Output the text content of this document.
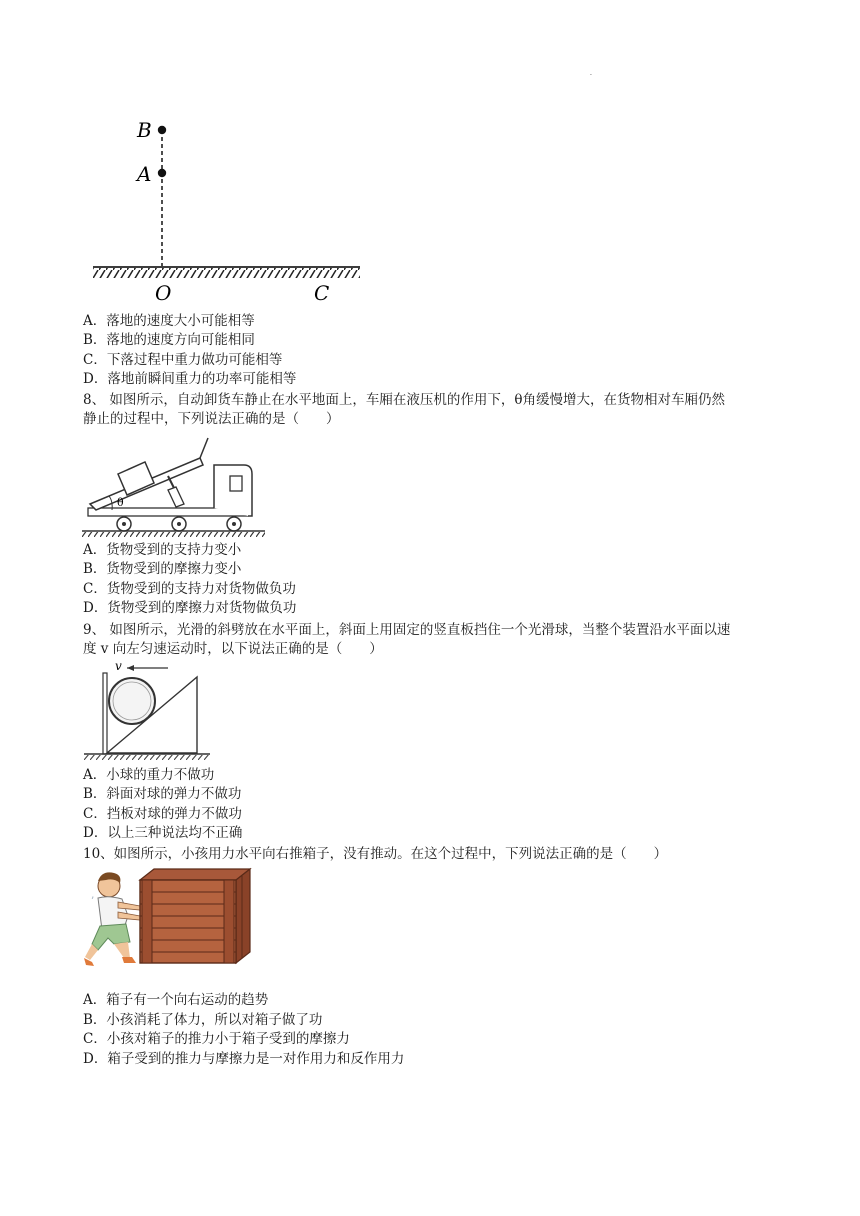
.
B
A
O	C
A．落地的速度大小可能相等
B．落地的速度方向可能相同
C．下落过程中重力做功可能相等
D．落地前瞬间重力的功率可能相等
8、 如图所示，自动卸货车静止在水平地面上，车厢在液压机的作用下，θ角缓慢增大，在货物相对车厢仍然
静止的过程中，下列说法正确的是（　　）
θ
A．货物受到的支持力变小
B．货物受到的摩擦力变小
C．货物受到的支持力对货物做负功
D．货物受到的摩擦力对货物做负功
9、 如图所示，光滑的斜劈放在水平面上，斜面上用固定的竖直板挡住一个光滑球，当整个装置沿水平面以速
度 v 向左匀速运动时，以下说法正确的是（　　）
v
A．小球的重力不做功
B．斜面对球的弹力不做功
C．挡板对球的弹力不做功
D．以上三种说法均不正确
10、如图所示，小孩用力水平向右推箱子，没有推动。在这个过程中，下列说法正确的是（　　）
’
A．箱子有一个向右运动的趋势
B．小孩消耗了体力，所以对箱子做了功
C．小孩对箱子的推力小于箱子受到的摩擦力
D．箱子受到的推力与摩擦力是一对作用力和反作用力
